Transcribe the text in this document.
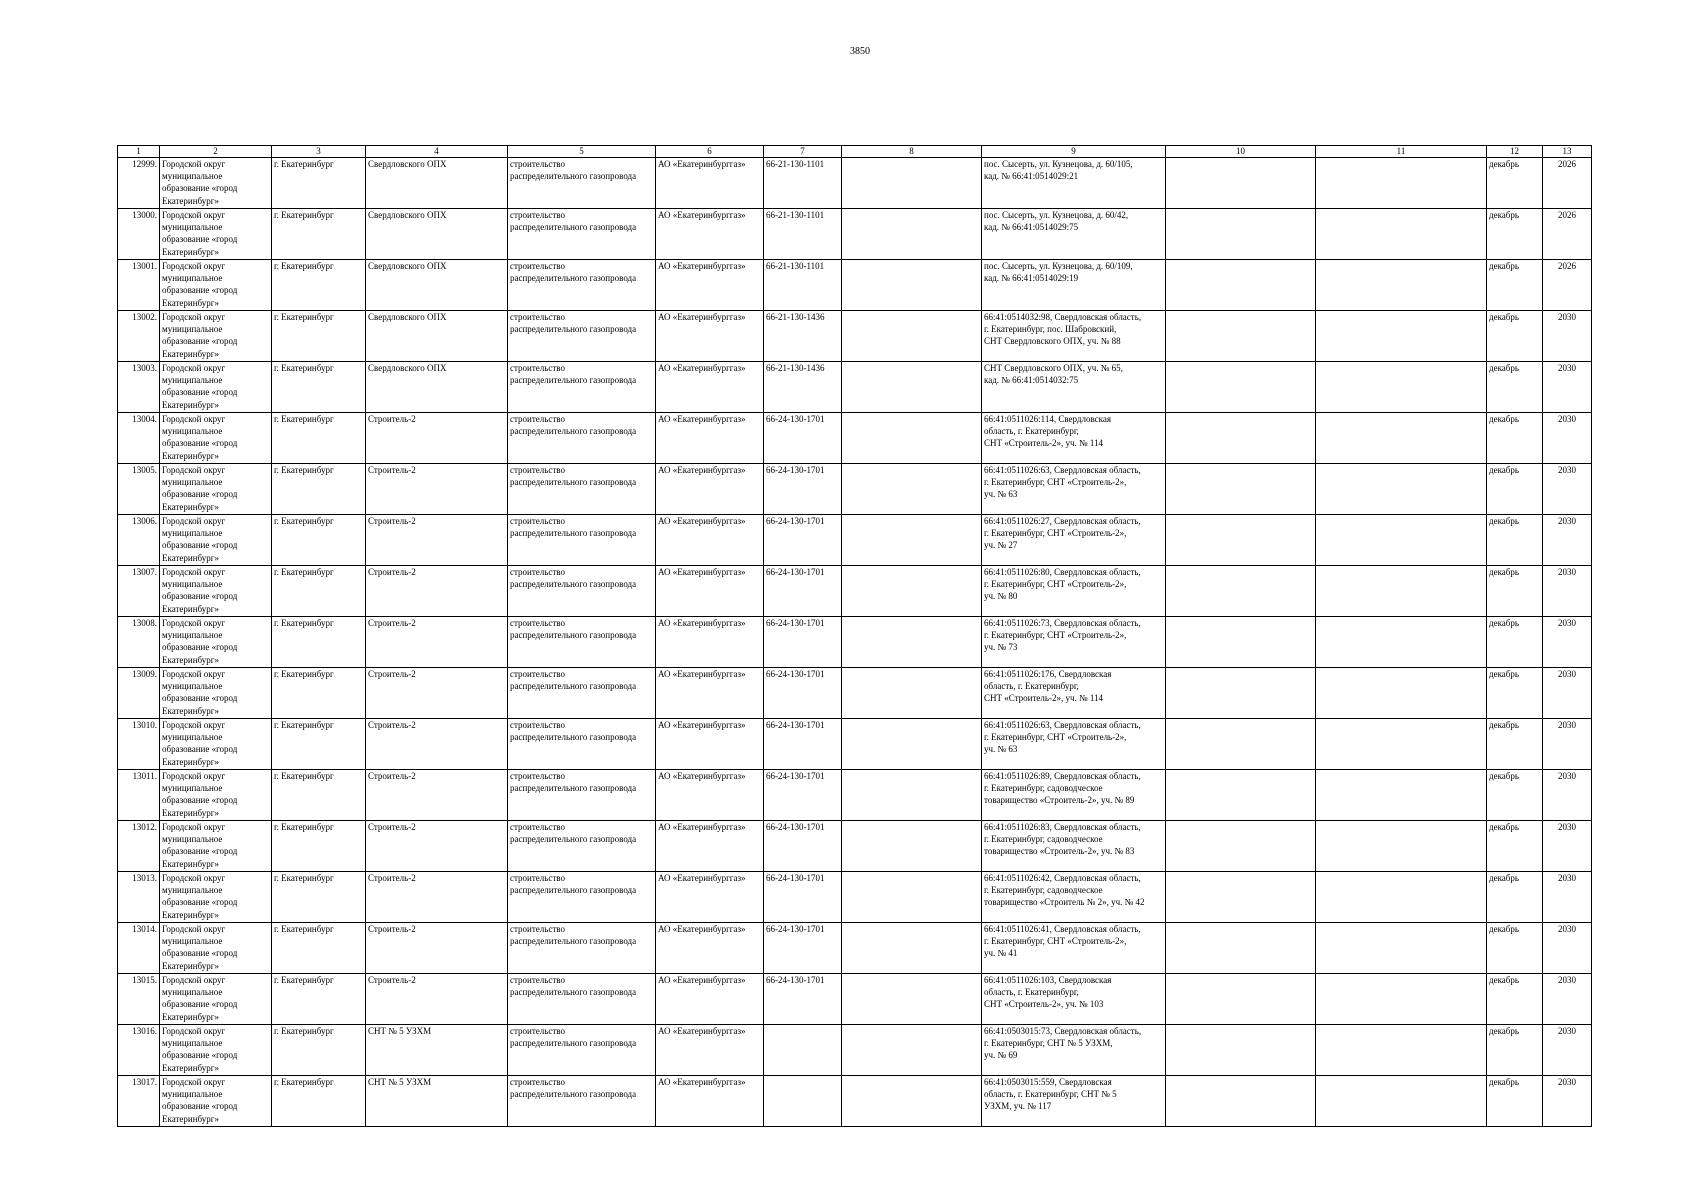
3850
1	2	3	4	5	6	7	8	9	10	11	12	13
12999.	Городской округ
муниципальное
образование «город
Екатеринбург»	г. Екатеринбург	Свердловского ОПХ	строительство
распределительного газопровода	АО «Екатеринбурггаз»	66-21-130-1101		пос. Сысерть, ул. Кузнецова, д. 60/105,
кад. № 66:41:0514029:21			декабрь	2026
13000.	Городской округ
муниципальное
образование «город
Екатеринбург»	г. Екатеринбург	Свердловского ОПХ	строительство
распределительного газопровода	АО «Екатеринбурггаз»	66-21-130-1101		пос. Сысерть, ул. Кузнецова, д. 60/42,
кад. № 66:41:0514029:75			декабрь	2026
13001.	Городской округ
муниципальное
образование «город
Екатеринбург»	г. Екатеринбург	Свердловского ОПХ	строительство
распределительного газопровода	АО «Екатеринбурггаз»	66-21-130-1101		пос. Сысерть, ул. Кузнецова, д. 60/109,
кад. № 66:41:0514029:19			декабрь	2026
13002.	Городской округ
муниципальное
образование «город
Екатеринбург»	г. Екатеринбург	Свердловского ОПХ	строительство
распределительного газопровода	АО «Екатеринбурггаз»	66-21-130-1436		66:41:0514032:98, Свердловская область,
г. Екатеринбург, пос. Шабровский,
СНТ Свердловского ОПХ, уч. № 88			декабрь	2030
13003.	Городской округ
муниципальное
образование «город
Екатеринбург»	г. Екатеринбург	Свердловского ОПХ	строительство
распределительного газопровода	АО «Екатеринбурггаз»	66-21-130-1436		СНТ Свердловского ОПХ, уч. № 65,
кад. № 66:41:0514032:75			декабрь	2030
13004.	Городской округ
муниципальное
образование «город
Екатеринбург»	г. Екатеринбург	Строитель-2	строительство
распределительного газопровода	АО «Екатеринбурггаз»	66-24-130-1701		66:41:0511026:114, Свердловская
область, г. Екатеринбург,
СНТ «Строитель-2», уч. № 114			декабрь	2030
13005.	Городской округ
муниципальное
образование «город
Екатеринбург»	г. Екатеринбург	Строитель-2	строительство
распределительного газопровода	АО «Екатеринбурггаз»	66-24-130-1701		66:41:0511026:63, Свердловская область,
г. Екатеринбург, СНТ «Строитель-2»,
уч. № 63			декабрь	2030
13006.	Городской округ
муниципальное
образование «город
Екатеринбург»	г. Екатеринбург	Строитель-2	строительство
распределительного газопровода	АО «Екатеринбурггаз»	66-24-130-1701		66:41:0511026:27, Свердловская область,
г. Екатеринбург, СНТ «Строитель-2»,
уч. № 27			декабрь	2030
13007.	Городской округ
муниципальное
образование «город
Екатеринбург»	г. Екатеринбург	Строитель-2	строительство
распределительного газопровода	АО «Екатеринбурггаз»	66-24-130-1701		66:41:0511026:80, Свердловская область,
г. Екатеринбург, СНТ «Строитель-2»,
уч. № 80			декабрь	2030
13008.	Городской округ
муниципальное
образование «город
Екатеринбург»	г. Екатеринбург	Строитель-2	строительство
распределительного газопровода	АО «Екатеринбурггаз»	66-24-130-1701		66:41:0511026:73, Свердловская область,
г. Екатеринбург, СНТ «Строитель-2»,
уч. № 73			декабрь	2030
13009.	Городской округ
муниципальное
образование «город
Екатеринбург»	г. Екатеринбург	Строитель-2	строительство
распределительного газопровода	АО «Екатеринбурггаз»	66-24-130-1701		66:41:0511026:176, Свердловская
область, г. Екатеринбург,
СНТ «Строитель-2», уч. № 114			декабрь	2030
13010.	Городской округ
муниципальное
образование «город
Екатеринбург»	г. Екатеринбург	Строитель-2	строительство
распределительного газопровода	АО «Екатеринбурггаз»	66-24-130-1701		66:41:0511026:63, Свердловская область,
г. Екатеринбург, СНТ «Строитель-2»,
уч. № 63			декабрь	2030
13011.	Городской округ
муниципальное
образование «город
Екатеринбург»	г. Екатеринбург	Строитель-2	строительство
распределительного газопровода	АО «Екатеринбурггаз»	66-24-130-1701		66:41:0511026:89, Свердловская область,
г. Екатеринбург, садоводческое
товарищество «Строитель-2», уч. № 89			декабрь	2030
13012.	Городской округ
муниципальное
образование «город
Екатеринбург»	г. Екатеринбург	Строитель-2	строительство
распределительного газопровода	АО «Екатеринбурггаз»	66-24-130-1701		66:41:0511026:83, Свердловская область,
г. Екатеринбург, садоводческое
товарищество «Строитель-2», уч. № 83			декабрь	2030
13013.	Городской округ
муниципальное
образование «город
Екатеринбург»	г. Екатеринбург	Строитель-2	строительство
распределительного газопровода	АО «Екатеринбурггаз»	66-24-130-1701		66:41:0511026:42, Свердловская область,
г. Екатеринбург, садоводческое
товарищество «Строитель № 2», уч. № 42			декабрь	2030
13014.	Городской округ
муниципальное
образование «город
Екатеринбург»	г. Екатеринбург	Строитель-2	строительство
распределительного газопровода	АО «Екатеринбурггаз»	66-24-130-1701		66:41:0511026:41, Свердловская область,
г. Екатеринбург, СНТ «Строитель-2»,
уч. № 41			декабрь	2030
13015.	Городской округ
муниципальное
образование «город
Екатеринбург»	г. Екатеринбург	Строитель-2	строительство
распределительного газопровода	АО «Екатеринбурггаз»	66-24-130-1701		66:41:0511026:103, Свердловская
область, г. Екатеринбург,
СНТ «Строитель-2», уч. № 103			декабрь	2030
13016.	Городской округ
муниципальное
образование «город
Екатеринбург»	г. Екатеринбург	СНТ № 5 УЗХМ	строительство
распределительного газопровода	АО «Екатеринбурггаз»			66:41:0503015:73, Свердловская область,
г. Екатеринбург, СНТ № 5 УЗХМ,
уч. № 69			декабрь	2030
13017.	Городской округ
муниципальное
образование «город
Екатеринбург»	г. Екатеринбург	СНТ № 5 УЗХМ	строительство
распределительного газопровода	АО «Екатеринбурггаз»			66:41:0503015:559, Свердловская
область, г. Екатеринбург, СНТ № 5
УЗХМ, уч. № 117			декабрь	2030
